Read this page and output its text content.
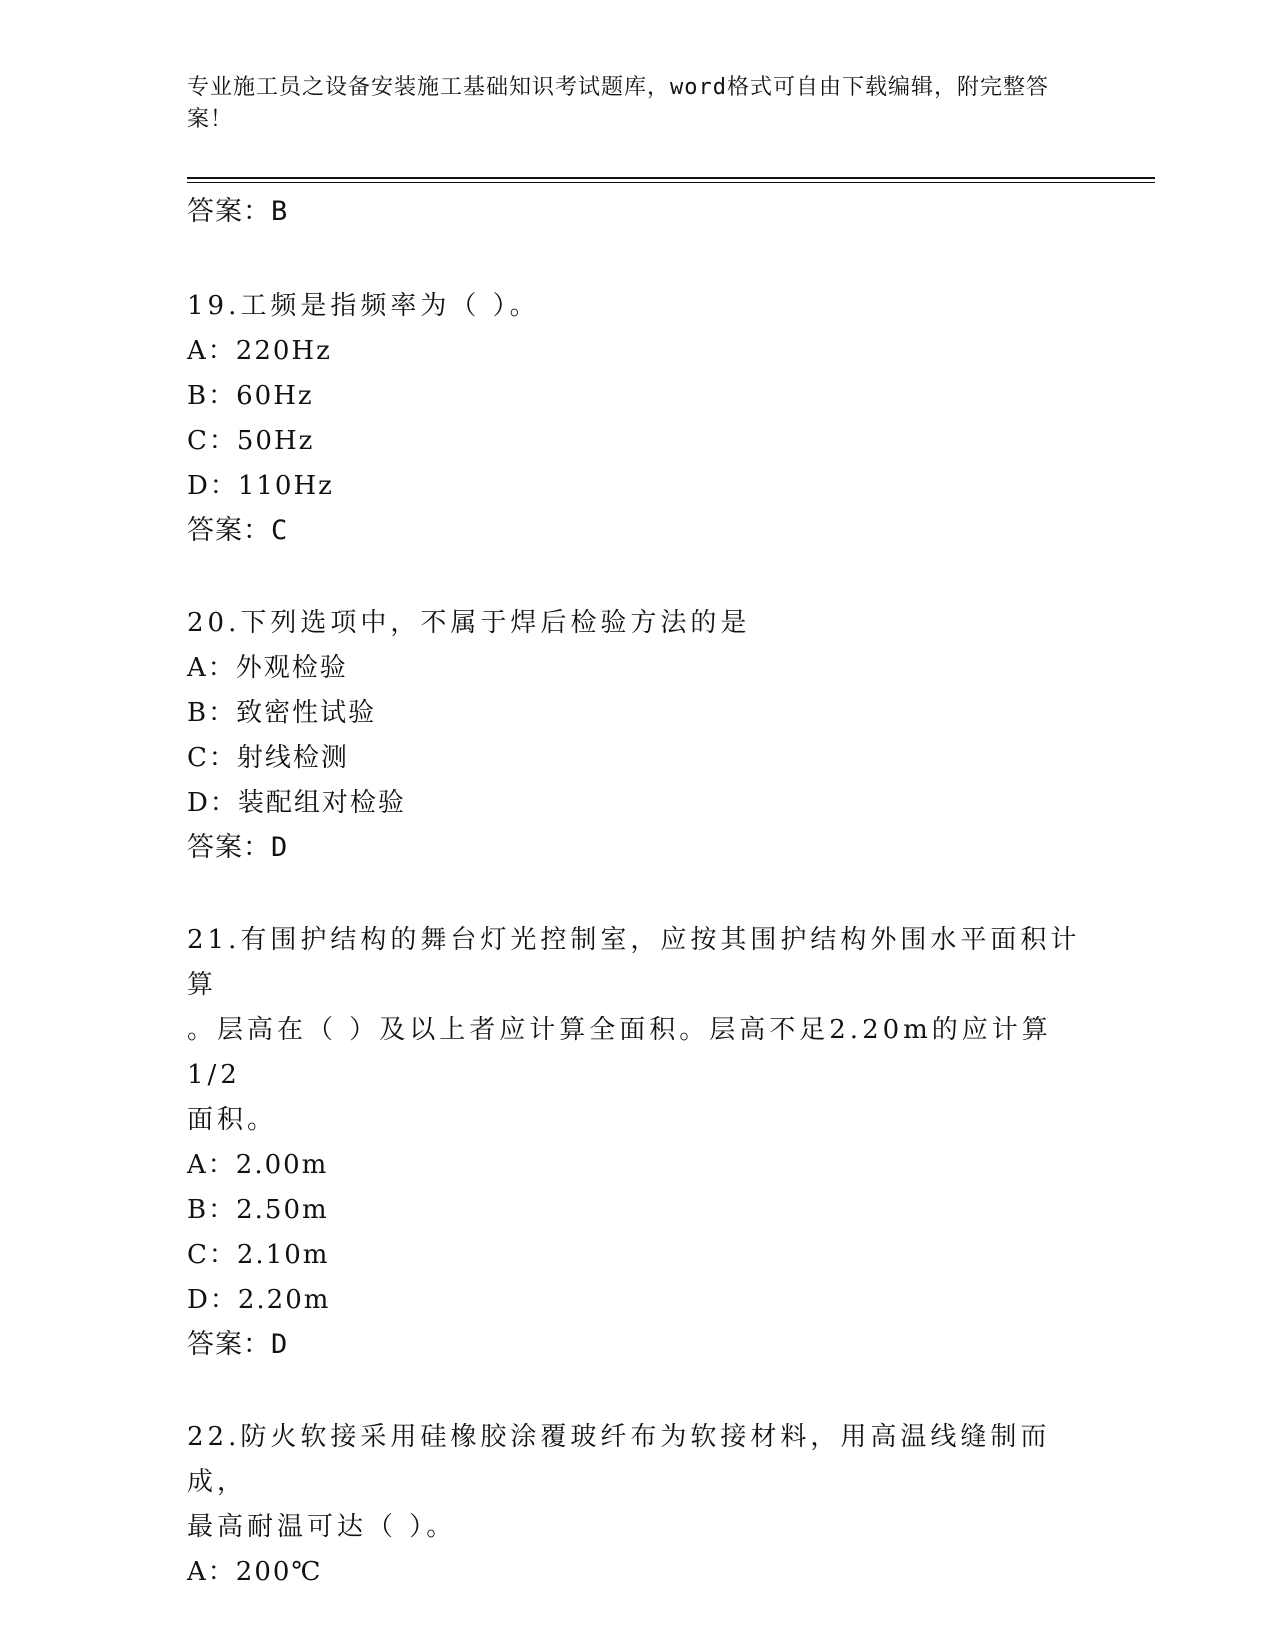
专业施工员之设备安装施工基础知识考试题库，word格式可自由下载编辑，附完整答案！
答案：B
19.工频是指频率为（ ）。
A：220Hz
B：60Hz
C：50Hz
D：110Hz
答案：C
20.下列选项中，不属于焊后检验方法的是
A：外观检验
B：致密性试验
C：射线检测
D：装配组对检验
答案：D
21.有围护结构的舞台灯光控制室，应按其围护结构外围水平面积计算
。层高在（ ）及以上者应计算全面积。层高不足2.20m的应计算1/2
面积。
A：2.00m
B：2.50m
C：2.10m
D：2.20m
答案：D
22.防火软接采用硅橡胶涂覆玻纤布为软接材料，用高温线缝制而成，
最高耐温可达（ ）。
A：200℃
